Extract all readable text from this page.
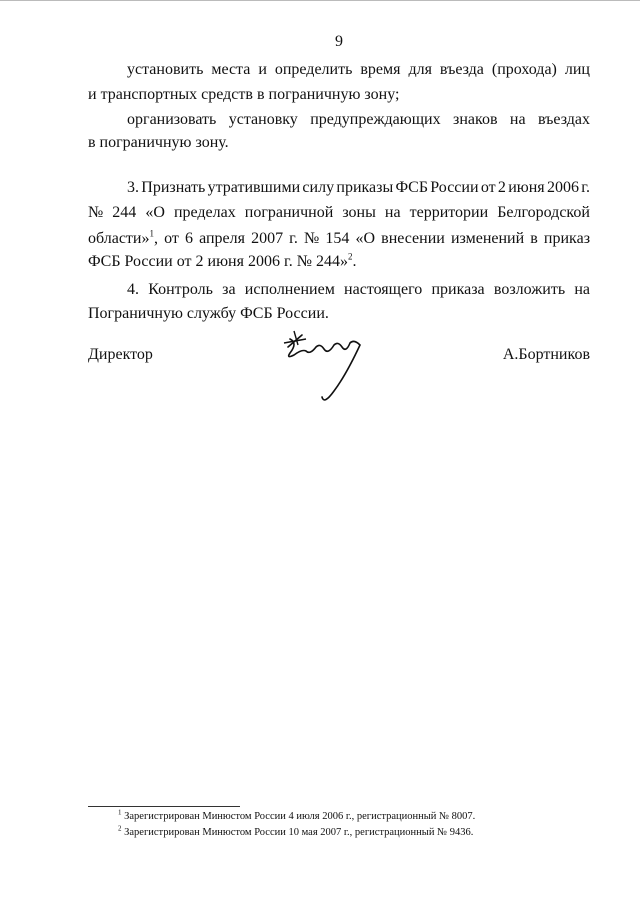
9
установить места и определить время для въезда (прохода) лиц
и транспортных средств в пограничную зону;
организовать установку предупреждающих знаков на въездах
в пограничную зону.
3. Признать утратившими силу приказы ФСБ России от 2 июня 2006 г.
№ 244 «О пределах пограничной зоны на территории Белгородской
области»$^1$, от 6 апреля 2007 г. № 154 «О внесении изменений в приказ
ФСБ России от 2 июня 2006 г. № 244»$^2$.
4. Контроль за исполнением настоящего приказа возложить на
Пограничную службу ФСБ России.
Директор	А.Бортников
$^1$ Зарегистрирован Минюстом России 4 июля 2006 г., регистрационный № 8007.
$^2$ Зарегистрирован Минюстом России 10 мая 2007 г., регистрационный № 9436.
